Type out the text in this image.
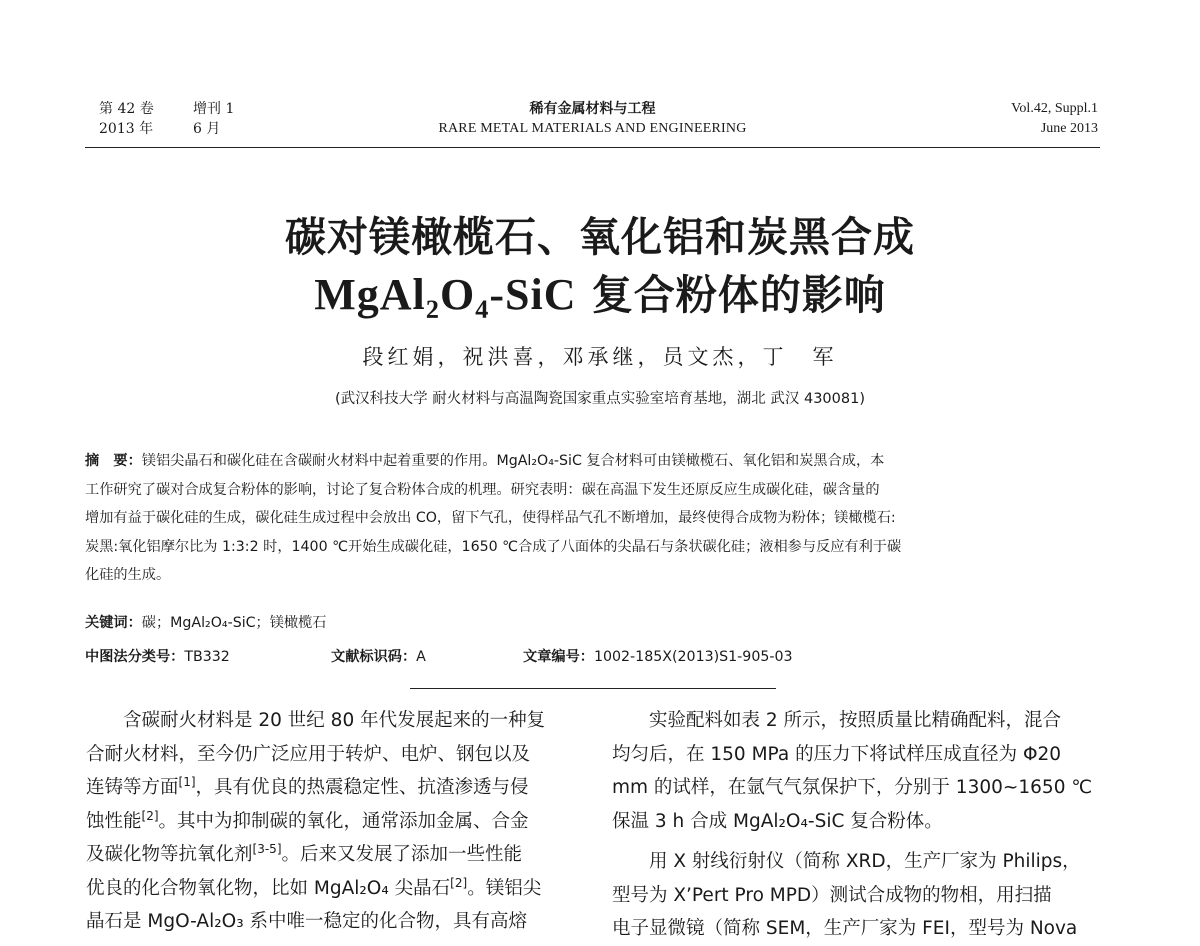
第 42 卷	增刊 1
2013 年	6 月
稀有金属材料与工程
RARE METAL MATERIALS AND ENGINEERING
Vol.42, Suppl.1
June 2013
碳对镁橄榄石、氧化铝和炭黑合成
MgAl₂O₄-SiC 复合粉体的影响
段红娟，祝洪喜，邓承继，员文杰，丁　军
(武汉科技大学 耐火材料与高温陶瓷国家重点实验室培育基地，湖北 武汉 430081)
摘　要：镁铝尖晶石和碳化硅在含碳耐火材料中起着重要的作用。MgAl₂O₄-SiC 复合材料可由镁橄榄石、氧化铝和炭黑合成，本
工作研究了碳对合成复合粉体的影响，讨论了复合粉体合成的机理。研究表明：碳在高温下发生还原反应生成碳化硅，碳含量的
增加有益于碳化硅的生成，碳化硅生成过程中会放出 CO，留下气孔，使得样品气孔不断增加，最终使得合成物为粉体；镁橄榄石:
炭黑:氧化铝摩尔比为 1:3:2 时，1400 ℃开始生成碳化硅，1650 ℃合成了八面体的尖晶石与条状碳化硅；液相参与反应有利于碳
化硅的生成。
关键词：碳；MgAl₂O₄-SiC；镁橄榄石
中图法分类号：TB332	文献标识码：A	文章编号：1002-185X(2013)S1-905-03
　　含碳耐火材料是 20 世纪 80 年代发展起来的一种复
合耐火材料，至今仍广泛应用于转炉、电炉、钢包以及
连铸等方面[1]，具有优良的热震稳定性、抗渣渗透与侵
蚀性能[2]。其中为抑制碳的氧化，通常添加金属、合金
及碳化物等抗氧化剂[3-5]。后来又发展了添加一些性能
优良的化合物氧化物，比如 MgAl₂O₄ 尖晶石[2]。镁铝尖
晶石是 MgO-Al₂O₃ 系中唯一稳定的化合物，具有高熔
　　实验配料如表 2 所示，按照质量比精确配料，混合
均匀后，在 150 MPa 的压力下将试样压成直径为 Φ20
mm 的试样，在氩气气氛保护下，分别于 1300~1650 ℃
保温 3 h 合成 MgAl₂O₄-SiC 复合粉体。
　　用 X 射线衍射仪（简称 XRD，生产厂家为 Philips，
型号为 X’Pert Pro MPD）测试合成物的物相，用扫描
电子显微镜（简称 SEM，生产厂家为 FEI，型号为 Nova
